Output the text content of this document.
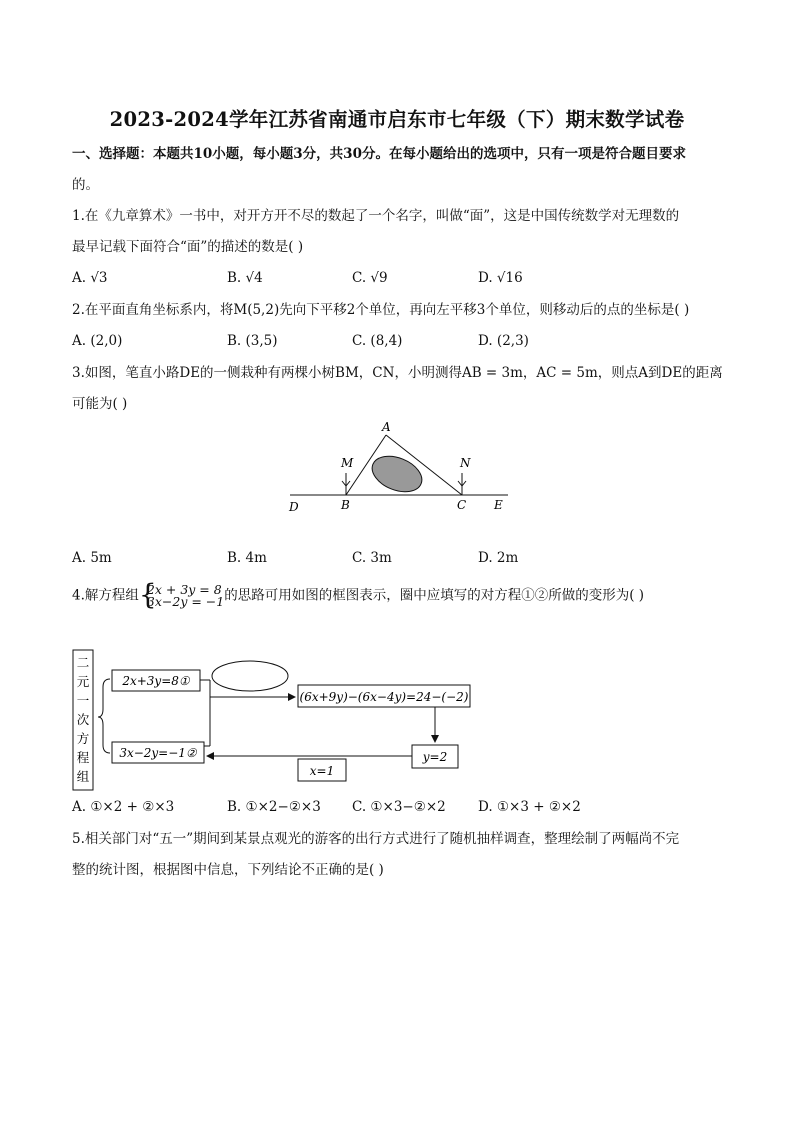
2023-2024学年江苏省南通市启东市七年级（下）期末数学试卷
一、选择题：本题共10小题，每小题3分，共30分。在每小题给出的选项中，只有一项是符合题目要求
的。
1.在《九章算术》一书中，对开方开不尽的数起了一个名字，叫做“面”，这是中国传统数学对无理数的
最早记载下面符合“面”的描述的数是( )
A. √3	B. √4	C. √9	D. √16
2.在平面直角坐标系内，将M(5,2)先向下平移2个单位，再向左平移3个单位，则移动后的点的坐标是( )
A. (2,0)	B. (3,5)	C. (8,4)	D. (2,3)
3.如图，笔直小路DE的一侧栽种有两棵小树BM，CN，小明测得AB = 3m，AC = 5m，则点A到DE的距离
可能为( )
A
M	N
D	B	C E
A. 5m	B. 4m	C. 3m	D. 2m
4.解方程组 {
2x + 3y = 8
3x−2y = −1 的思路可用如图的框图表示，圈中应填写的对方程①②所做的变形为( )
二
元
一
次
方
程
组
2x+3y=8①
3x−2y=−1②
(6x+9y)−(6x−4y)=24−(−2)
y=2
x=1
A. ①×2 + ②×3	B. ①×2−②×3 C. ①×3−②×2 D. ①×3 + ②×2
5.相关部门对“五一”期间到某景点观光的游客的出行方式进行了随机抽样调查，整理绘制了两幅尚不完
整的统计图，根据图中信息，下列结论不正确的是( )
